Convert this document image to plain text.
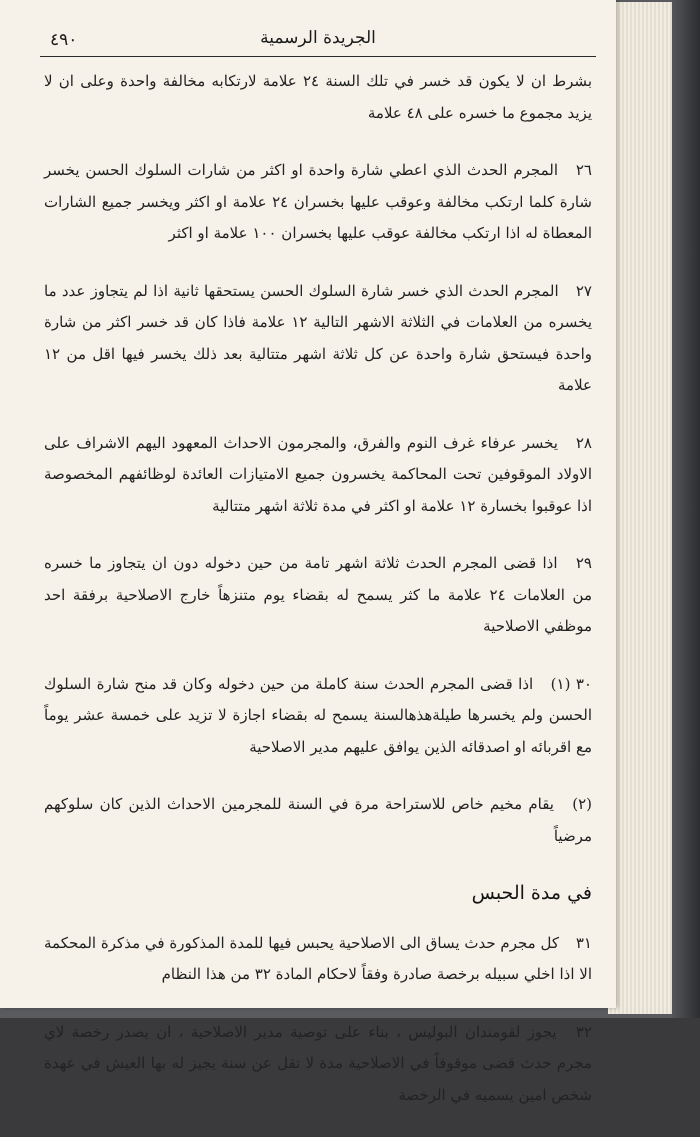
٤٩٠	الجريدة الرسمية

بشرط ان لا يكون قد خسر في تلك السنة ٢٤ علامة لارتكابه مخالفة واحدة وعلى ان لا يزيد مجموع ما خسره على ٤٨ علامة

٢٦ المجرم الحدث الذي اعطي شارة واحدة او اكثر من شارات السلوك الحسن يخسر شارة كلما ارتكب مخالفة وعوقب عليها بخسران ٢٤ علامة او اكثر ويخسر جميع الشارات المعطاة له اذا ارتكب مخالفة عوقب عليها بخسران ١٠٠ علامة او اكثر

٢٧ المجرم الحدث الذي خسر شارة السلوك الحسن يستحقها ثانية اذا لم يتجاوز عدد ما يخسره من العلامات في الثلاثة الاشهر التالية ١٢ علامة فاذا كان قد خسر اكثر من شارة واحدة فيستحق شارة واحدة عن كل ثلاثة اشهر متتالية بعد ذلك يخسر فيها اقل من ١٢ علامة

٢٨ يخسر عرفاء غرف النوم والفرق، والمجرمون الاحداث المعهود اليهم الاشراف على الاولاد الموقوفين تحت المحاكمة يخسرون جميع الامتيازات العائدة لوظائفهم المخصوصة اذا عوقبوا بخسارة ١٢ علامة او اكثر في مدة ثلاثة اشهر متتالية

٢٩ اذا قضى المجرم الحدث ثلاثة اشهر تامة من حين دخوله دون ان يتجاوز ما خسره من العلامات ٢٤ علامة ما كثر يسمح له بقضاء يوم متنزهاً خارج الاصلاحية برفقة احد موظفي الاصلاحية

٣٠ (١) اذا قضى المجرم الحدث سنة كاملة من حين دخوله وكان قد منح شارة السلوك الحسن ولم يخسرها طيلةهذهالسنة يسمح له بقضاء اجازة لا تزيد على خمسة عشر يوماً مع اقربائه او اصدقائه الذين يوافق عليهم مدير الاصلاحية

(٢) يقام مخيم خاص للاستراحة مرة في السنة للمجرمين الاحداث الذين كان سلوكهم مرضياً

في مدة الحبس

٣١ كل مجرم حدث يساق الى الاصلاحية يحبس فيها للمدة المذكورة في مذكرة المحكمة الا اذا اخلي سبيله برخصة صادرة وفقاً لاحكام المادة ٣٢ من هذا النظام

٣٢ يجوز لقومندان البوليس ، بناء على توصية مدير الاصلاحية ، ان يصدر رخصة لاي مجرم حدث قضى موقوفاً في الاصلاحية مدة لا تقل عن سنة يجيز له بها العيش في عهدة شخص امين يسميه في الرخصة
